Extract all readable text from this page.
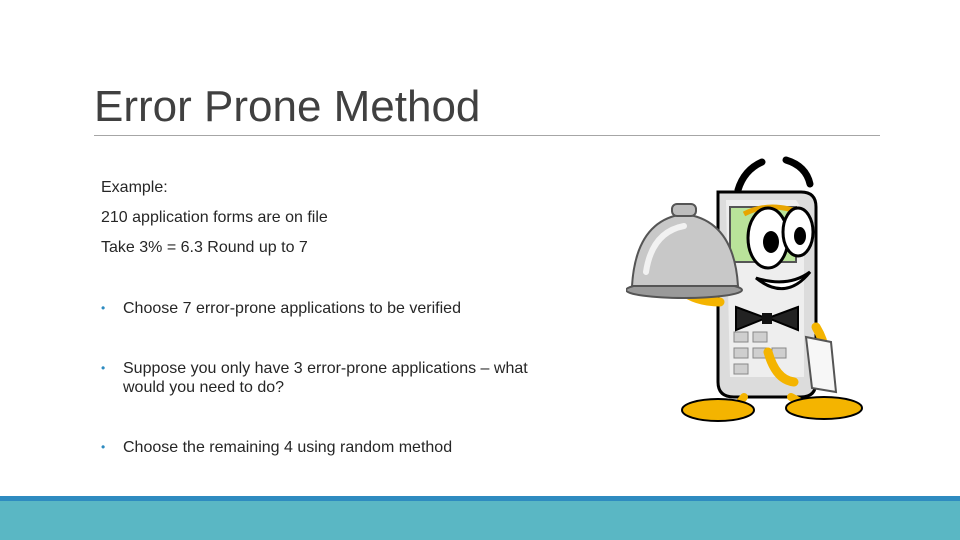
Error Prone Method
Example:
210 application forms are on file
Take 3% = 6.3 Round up to 7
•	Choose 7 error-prone applications to be verified
•	Suppose you only have 3 error-prone applications – what would you need to do?
•	Choose the remaining 4 using random method
